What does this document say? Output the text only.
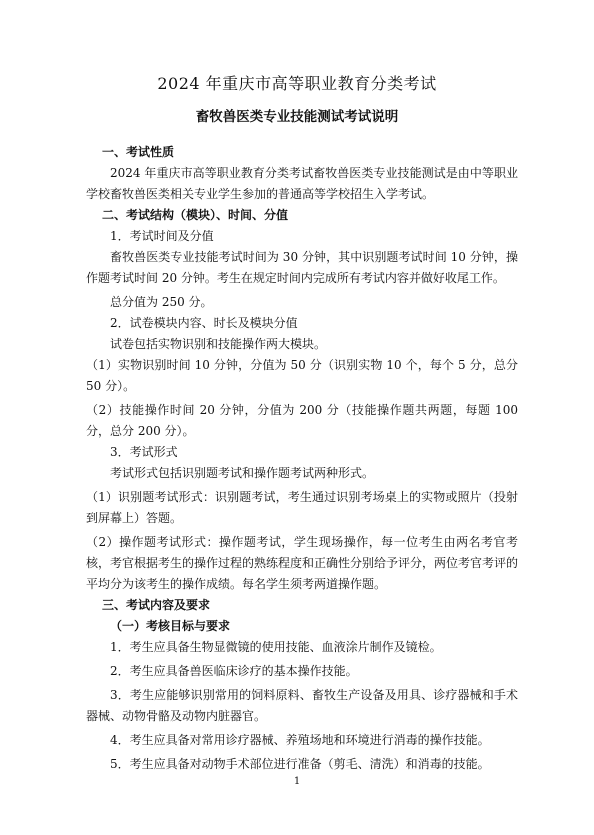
2024 年重庆市高等职业教育分类考试
畜牧兽医类专业技能测试考试说明

一、考试性质

2024 年重庆市高等职业教育分类考试畜牧兽医类专业技能测试是由中等职业学校畜牧兽医类相关专业学生参加的普通高等学校招生入学考试。

二、考试结构（模块）、时间、分值

1．考试时间及分值

畜牧兽医类专业技能考试时间为 30 分钟，其中识别题考试时间 10 分钟，操作题考试时间 20 分钟。考生在规定时间内完成所有考试内容并做好收尾工作。

总分值为 250 分。

2．试卷模块内容、时长及模块分值

试卷包括实物识别和技能操作两大模块。

（1）实物识别时间 10 分钟，分值为 50 分（识别实物 10 个，每个 5 分，总分 50 分）。

（2）技能操作时间 20 分钟，分值为 200 分（技能操作题共两题，每题 100 分，总分 200 分）。

3．考试形式

考试形式包括识别题考试和操作题考试两种形式。

（1）识别题考试形式：识别题考试，考生通过识别考场桌上的实物或照片（投射到屏幕上）答题。

（2）操作题考试形式：操作题考试，学生现场操作，每一位考生由两名考官考核，考官根据考生的操作过程的熟练程度和正确性分别给予评分，两位考官考评的平均分为该考生的操作成绩。每名学生须考两道操作题。

三、考试内容及要求

（一）考核目标与要求

1．考生应具备生物显微镜的使用技能、血液涂片制作及镜检。

2．考生应具备兽医临床诊疗的基本操作技能。

3．考生应能够识别常用的饲料原料、畜牧生产设备及用具、诊疗器械和手术器械、动物骨骼及动物内脏器官。

4．考生应具备对常用诊疗器械、养殖场地和环境进行消毒的操作技能。

5．考生应具备对动物手术部位进行准备（剪毛、清洗）和消毒的技能。

1
